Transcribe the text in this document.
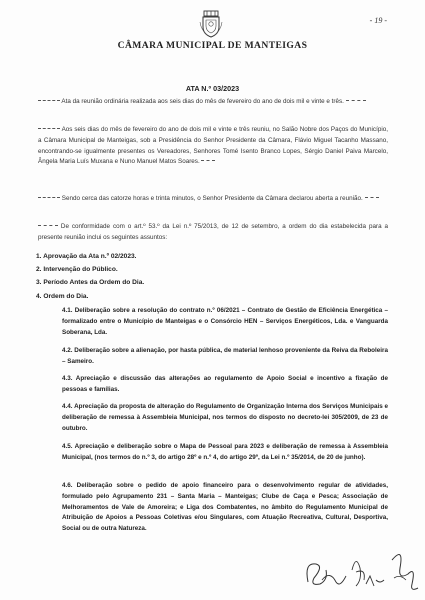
- 19 -
CÂMARA MUNICIPAL DE MANTEIGAS
ATA N.º 03/2023
Ata da reunião ordinária realizada aos seis dias do mês de fevereiro do ano de dois mil e vinte e três.
Aos seis dias do mês de fevereiro do ano de dois mil e vinte e três reuniu, no Salão Nobre dos Paços do Município, a Câmara Municipal de Manteigas, sob a Presidência do Senhor Presidente da Câmara, Flávio Miguel Tacanho Massano, encontrando-se igualmente presentes os Vereadores, Senhores Tomé Isento Branco Lopes, Sérgio Daniel Paiva Marcelo, Ângela Maria Luís Muxana e Nuno Manuel Matos Soares.
Sendo cerca das catorze horas e trinta minutos, o Senhor Presidente da Câmara declarou aberta a reunião.
De conformidade com o art.º 53.º da Lei n.º 75/2013, de 12 de setembro, a ordem do dia estabelecida para a presente reunião inclui os seguintes assuntos:
1. Aprovação da Ata n.º 02/2023.
2. Intervenção do Público.
3. Período Antes da Ordem do Dia.
4. Ordem do Dia.
4.1. Deliberação sobre a resolução do contrato n.º 06/2021 – Contrato de Gestão de Eficiência Energética – formalizado entre o Município de Manteigas e o Consórcio HEN – Serviços Energéticos, Lda. e Vanguarda Soberana, Lda.
4.2. Deliberação sobre a alienação, por hasta pública, de material lenhoso proveniente da Reiva da Reboleira – Sameiro.
4.3. Apreciação e discussão das alterações ao regulamento de Apoio Social e incentivo a fixação de pessoas e famílias.
4.4. Apreciação da proposta de alteração do Regulamento de Organização Interna dos Serviços Municipais e deliberação de remessa à Assembleia Municipal, nos termos do disposto no decreto-lei 305/2009, de 23 de outubro.
4.5. Apreciação e deliberação sobre o Mapa de Pessoal para 2023 e deliberação de remessa à Assembleia Municipal, (nos termos do n.º 3, do artigo 28º e n.º 4, do artigo 29º, da Lei n.º 35/2014, de 20 de junho).
4.6. Deliberação sobre o pedido de apoio financeiro para o desenvolvimento regular de atividades, formulado pelo Agrupamento 231 – Santa Maria – Manteigas; Clube de Caça e Pesca; Associação de Melhoramentos de Vale de Amoreira; e Liga dos Combatentes, no âmbito do Regulamento Municipal de Atribuição de Apoios a Pessoas Coletivas e/ou Singulares, com Atuação Recreativa, Cultural, Desportiva, Social ou de outra Natureza.
